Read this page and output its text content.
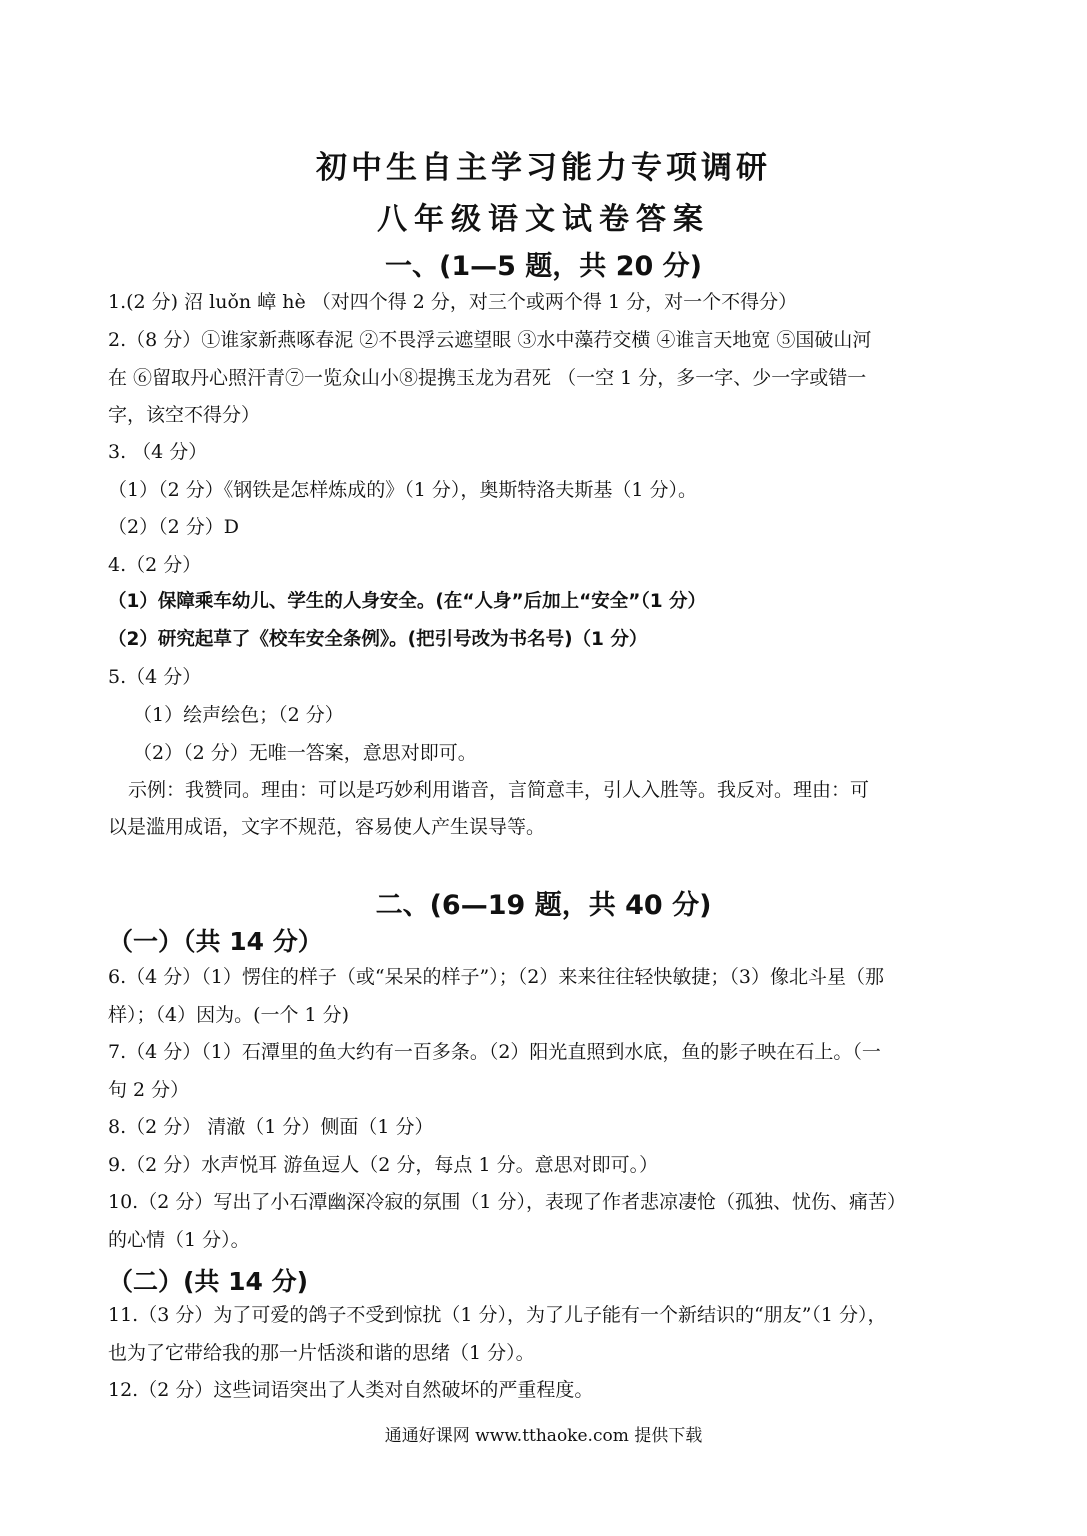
初中生自主学习能力专项调研
八年级语文试卷答案
一、(1—5 题，共 20 分)
1.(2 分) 沼 luǒn 嶂 hè （对四个得 2 分，对三个或两个得 1 分，对一个不得分）
2.（8 分）①谁家新燕啄春泥 ②不畏浮云遮望眼 ③水中藻荇交横 ④谁言天地宽 ⑤国破山河
在 ⑥留取丹心照汗青⑦一览众山小⑧提携玉龙为君死 （一空 1 分，多一字、少一字或错一
字，该空不得分）
3. （4 分）
（1）（2 分）《钢铁是怎样炼成的》（1 分），奥斯特洛夫斯基（1 分）。
（2）（2 分）D
4.（2 分）
（1）保障乘车幼儿、学生的人身安全。(在“人身”后加上“安全”（1 分）
（2）研究起草了《校车安全条例》。(把引号改为书名号)（1 分）
5.（4 分）
（1）绘声绘色；（2 分）
（2）（2 分）无唯一答案，意思对即可。
示例：我赞同。理由：可以是巧妙利用谐音，言简意丰，引人入胜等。我反对。理由：可
以是滥用成语，文字不规范，容易使人产生误导等。
二、(6—19 题，共 40 分)
（一）（共 14 分）
6.（4 分）（1）愣住的样子（或“呆呆的样子”）；（2）来来往往轻快敏捷；（3）像北斗星（那
样）；（4）因为。(一个 1 分)
7.（4 分）（1）石潭里的鱼大约有一百多条。（2）阳光直照到水底，鱼的影子映在石上。（一
句 2 分）
8.（2 分） 清澈（1 分）侧面（1 分）
9.（2 分）水声悦耳 游鱼逗人（2 分，每点 1 分。意思对即可。）
10.（2 分）写出了小石潭幽深冷寂的氛围（1 分），表现了作者悲凉凄怆（孤独、忧伤、痛苦）
的心情（1 分）。
（二）(共 14 分)
11.（3 分）为了可爱的鸽子不受到惊扰（1 分），为了儿子能有一个新结识的“朋友”（1 分），
也为了它带给我的那一片恬淡和谐的思绪（1 分）。
12.（2 分）这些词语突出了人类对自然破坏的严重程度。
通通好课网 www.tthaoke.com 提供下载
